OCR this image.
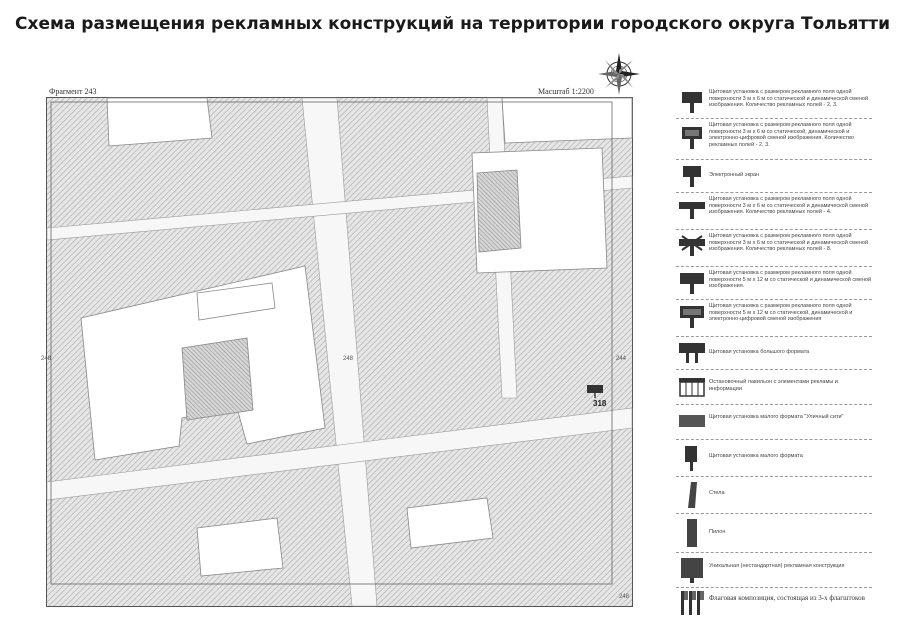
Схема размещения рекламных конструкций на территории городского округа Тольятти
Фрагмент 243	Масштаб 1:2200
318
248	244
248
248
Щитовая установка с размером рекламного поля одной поверхности 3 м х 6 м со статической и динамической сменой изображения. Количество рекламных полей - 2, 3.
Щитовая установка с размером рекламного поля одной поверхности 3 м х 6 м со статической, динамической и электронно-цифровой сменой изображения. Количество рекламных полей - 2, 3.
Электронный экран
Щитовая установка с размером рекламного поля одной поверхности 3 м х 6 м со статической и динамической сменой изображения. Количество рекламных полей - 4.
Щитовая установка с размером рекламного поля одной поверхности 3 м х 6 м со статической и динамической сменой изображения. Количество рекламных полей - 8.
Щитовая установка с размером рекламного поля одной поверхности 5 м х 12 м со статической и динамической сменой изображения.
Щитовая установка с размером рекламного поля одной поверхности 5 м х 12 м со статической, динамической и электронно-цифровой сменой изображения
Щитовая установка большого формата
Остановочный павильон с элементами рекламы и информации
Щитовая установка малого формата "Уличный сити"
Щитовая установка малого формата
Стела
Пилон
Уникальная (нестандартная) рекламная конструкция
Флаговая композиция, состоящая из 3-х флагштоков
